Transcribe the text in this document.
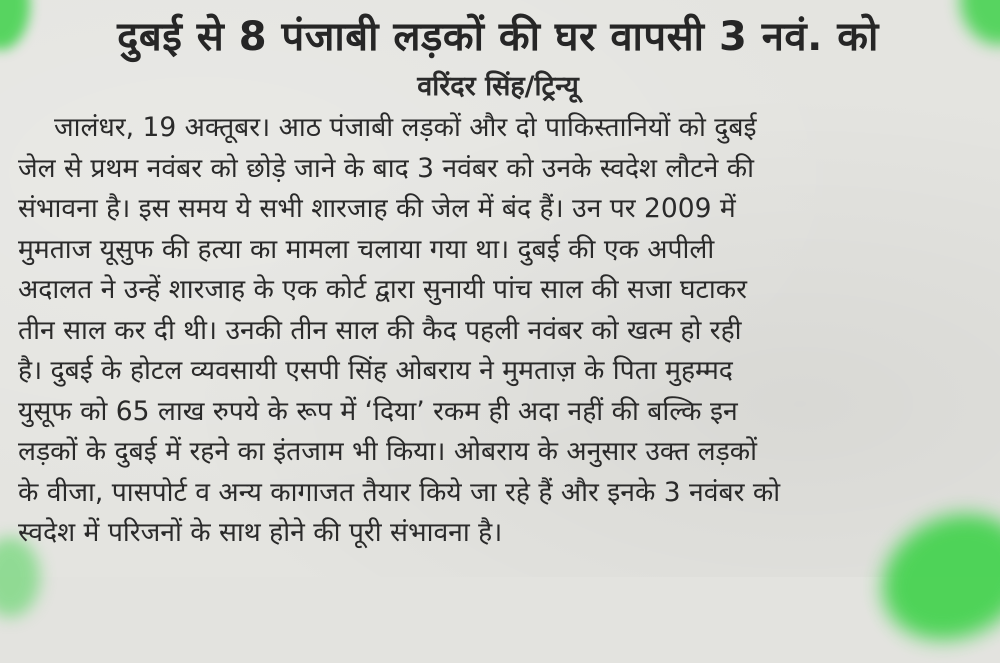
दुबई से 8 पंजाबी लड़कों की घर वापसी 3 नवं. को

वरिंदर सिंह/ट्रिन्यू

जालंधर, 19 अक्तूबर। आठ पंजाबी लड़कों और दो पाकिस्तानियों को दुबई
जेल से प्रथम नवंबर को छोड़े जाने के बाद 3 नवंबर को उनके स्वदेश लौटने की
संभावना है। इस समय ये सभी शारजाह की जेल में बंद हैं। उन पर 2009 में
मुमताज यूसुफ की हत्या का मामला चलाया गया था। दुबई की एक अपीली
अदालत ने उन्हें शारजाह के एक कोर्ट द्वारा सुनायी पांच साल की सजा घटाकर
तीन साल कर दी थी। उनकी तीन साल की कैद पहली नवंबर को खत्म हो रही
है। दुबई के होटल व्यवसायी एसपी सिंह ओबराय ने मुमताज़ के पिता मुहम्मद
युसूफ को 65 लाख रुपये के रूप में ‘दिया’ रकम ही अदा नहीं की बल्कि इन
लड़कों के दुबई में रहने का इंतजाम भी किया। ओबराय के अनुसार उक्त लड़कों
के वीजा, पासपोर्ट व अन्य कागाजत तैयार किये जा रहे हैं और इनके 3 नवंबर को
स्वदेश में परिजनों के साथ होने की पूरी संभावना है।
